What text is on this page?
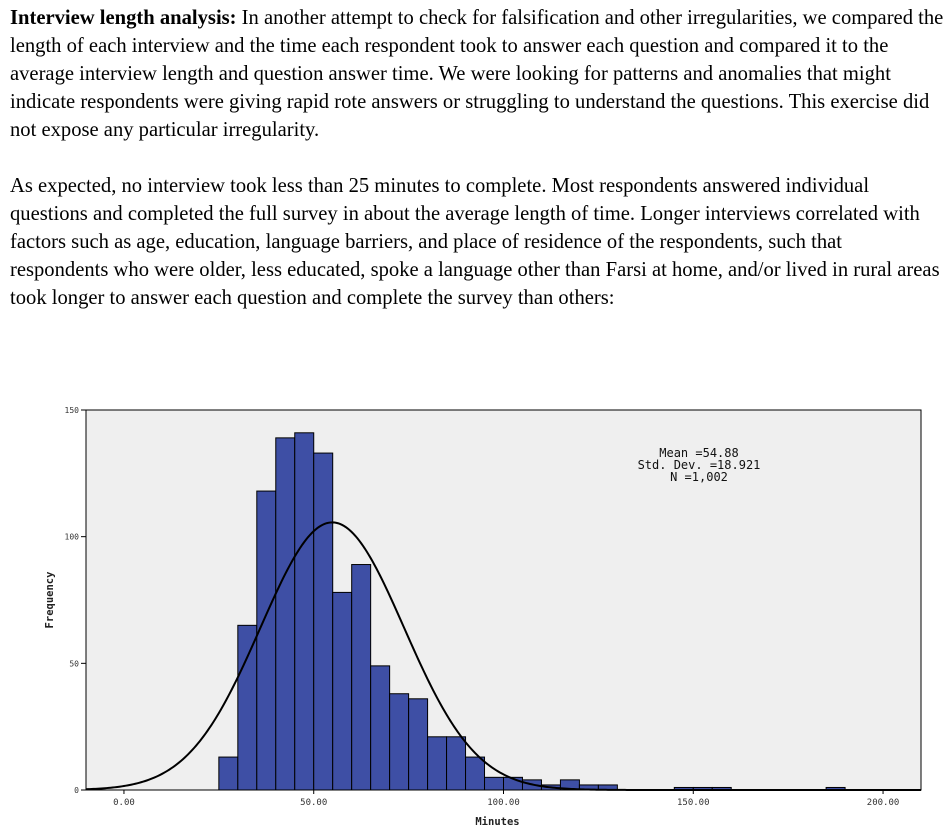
Interview length analysis: In another attempt to check for falsification and other irregularities, we compared the length of each interview and the time each respondent took to answer each question and compared it to the average interview length and question answer time. We were looking for patterns and anomalies that might indicate respondents were giving rapid rote answers or struggling to understand the questions. This exercise did not expose any particular irregularity.

As expected, no interview took less than 25 minutes to complete. Most respondents answered individual questions and completed the full survey in about the average length of time. Longer interviews correlated with factors such as age, education, language barriers, and place of residence of the respondents, such that respondents who were older, less educated, spoke a language other than Farsi at home, and/or lived in rural areas took longer to answer each question and complete the survey than others:

0
50
100
150
0.00	50.00	100.00	150.00	200.00
Mean =54.88
Std. Dev. =18.921
N =1,002
Frequency
Minutes
